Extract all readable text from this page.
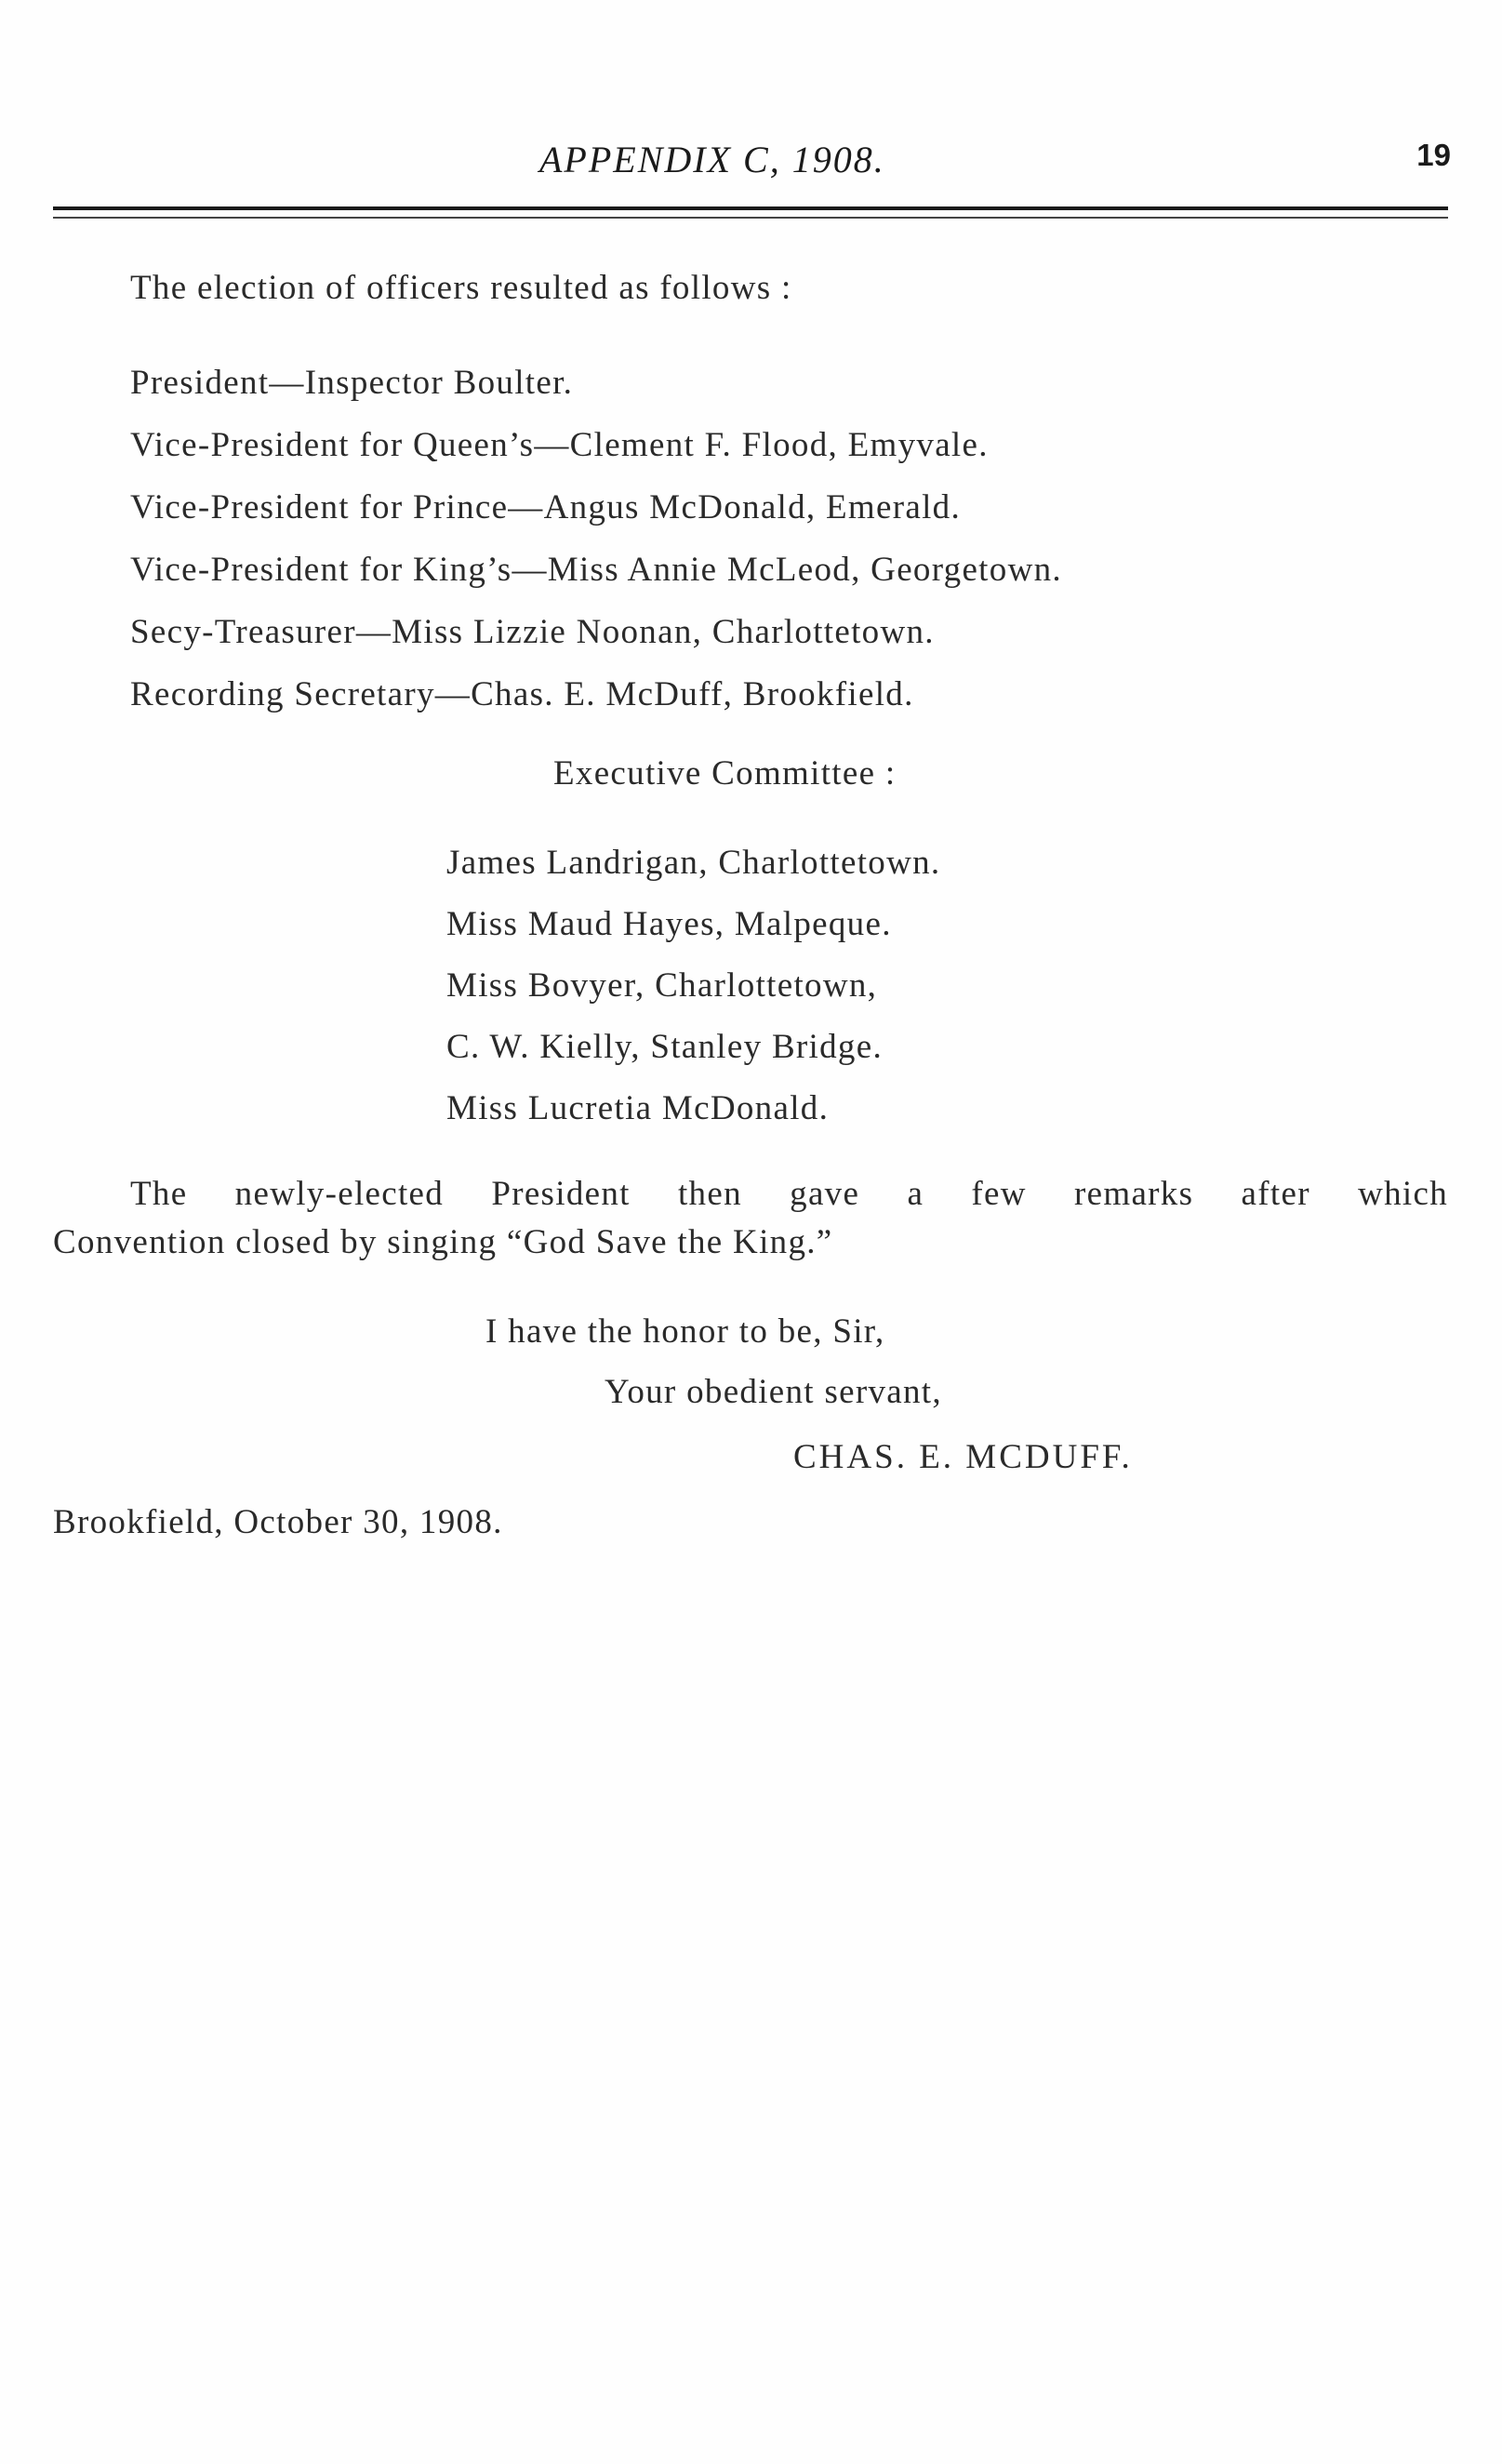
APPENDIX C, 1908.	19
The election of officers resulted as follows :
President—Inspector Boulter.
Vice-President for Queen’s—Clement F. Flood, Emyvale.
Vice-President for Prince—Angus McDonald, Emerald.
Vice-President for King’s—Miss Annie McLeod, Georgetown.
Secy-Treasurer—Miss Lizzie Noonan, Charlottetown.
Recording Secretary—Chas. E. McDuff, Brookfield.
Executive Committee :
James Landrigan, Charlottetown.
Miss Maud Hayes, Malpeque.
Miss Bovyer, Charlottetown,
C. W. Kielly, Stanley Bridge.
Miss Lucretia McDonald.
The newly-elected President then gave a few remarks after which
Convention closed by singing “God Save the King.”
I have the honor to be, Sir,
Your obedient servant,
CHAS. E. MCDUFF.
Brookfield, October 30, 1908.
